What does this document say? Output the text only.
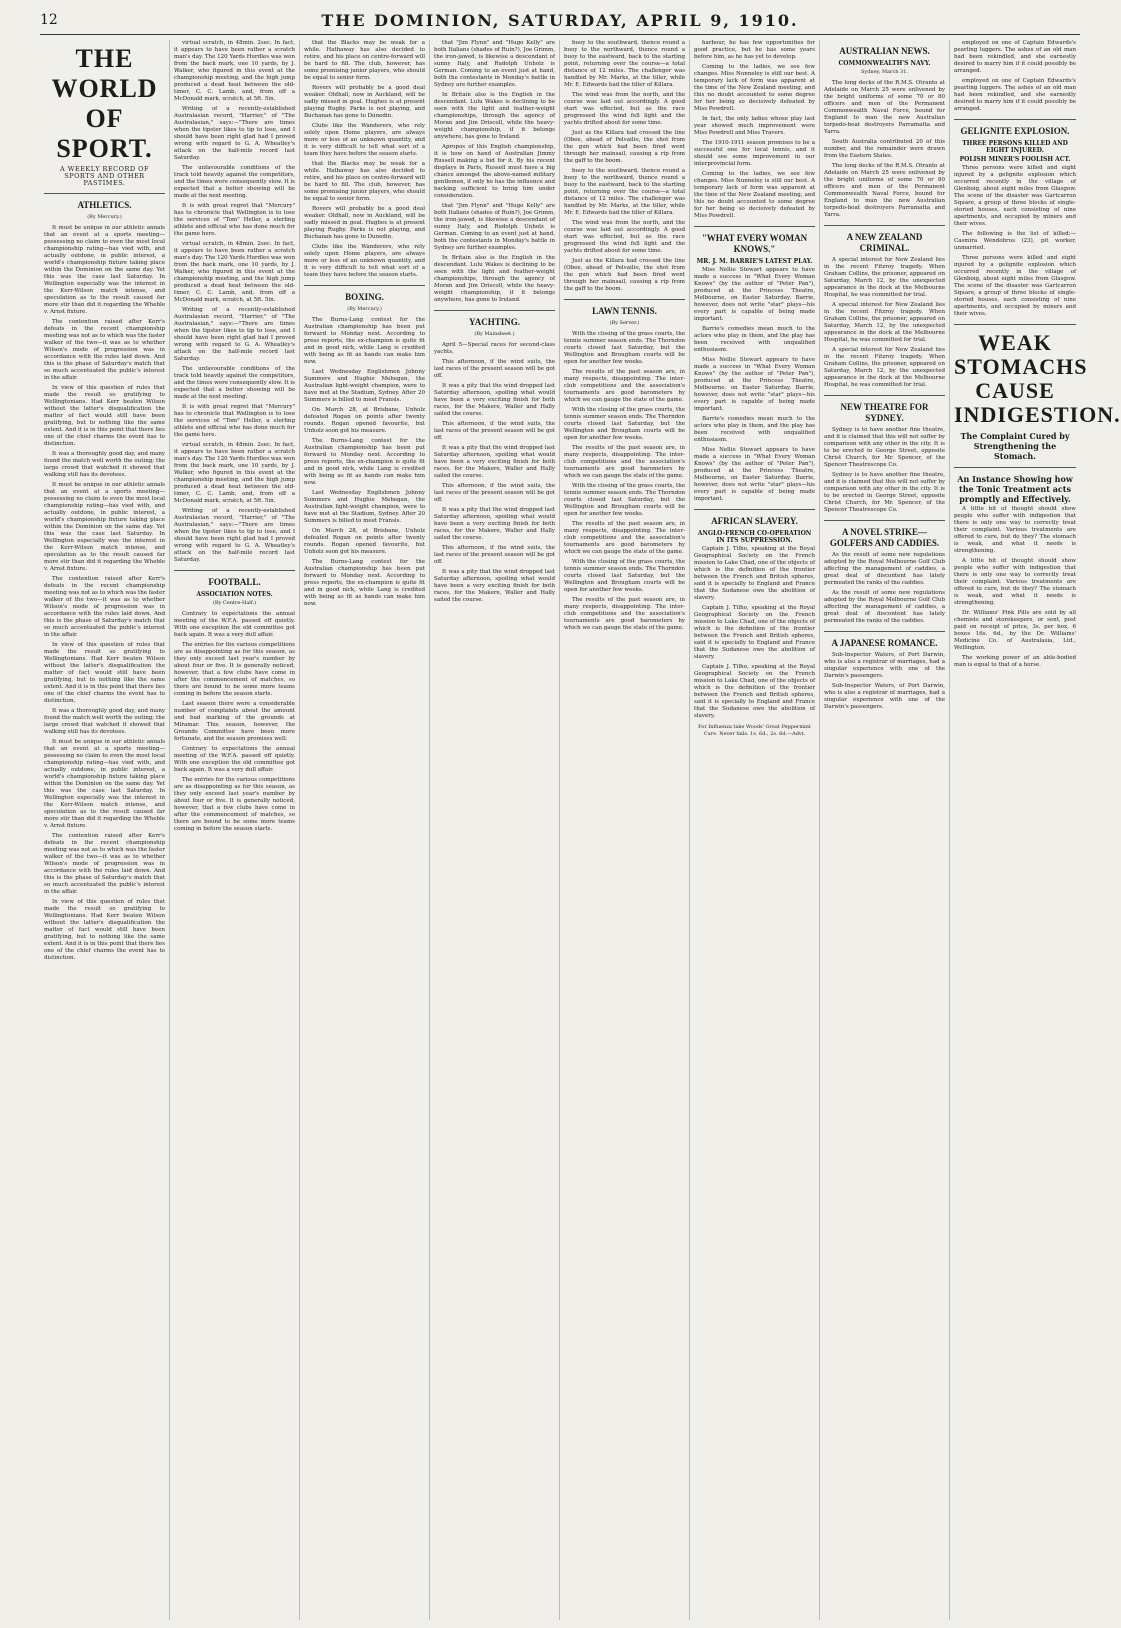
12	THE DOMINION, SATURDAY, APRIL 9, 1910.
THE WORLD OF SPORT.
A WEEKLY RECORD OF SPORTS AND OTHER PASTIMES.
ATHLETICS.

(By Mercury.)

It must be unique in our athletic annals that an event at a sports meeting—possessing no claim to even the most local championship rating—has vied with, and actually outdone, in public interest, a world's championship fixture taking place within the Dominion on the same day. Yet this was the case last Saturday. In Wellington especially was the interest in the Kerr-Wilson match intense, and speculation as to the result caused far more stir than did it regarding the Wheble v. Arnst fixture.

The contention raised after Kerr's defeats in the recent championship meeting was not as to which was the faster walker of the two—it was as to whether Wilson's mode of progression was in accordance with the rules laid down. And this is the phase of Saturday's match that so much accentuated the public's interest in the affair.

In view of this question of rules that made the result so gratifying to Wellingtonians. Had Kerr beaten Wilson without the latter's disqualification the matter of fact would still have been gratifying, but to nothing like the same extent. And it is in this point that there lies one of the chief charms the event has to distinction.

It was a thoroughly good day, and many found the match well worth the outing; the large crowd that watched it showed that walking still has its devotees.

It must be unique in our athletic annals that an event at a sports meeting—possessing no claim to even the most local championship rating—has vied with, and actually outdone, in public interest, a world's championship fixture taking place within the Dominion on the same day. Yet this was the case last Saturday. In Wellington especially was the interest in the Kerr-Wilson match intense, and speculation as to the result caused far more stir than did it regarding the Wheble v. Arnst fixture.

The contention raised after Kerr's defeats in the recent championship meeting was not as to which was the faster walker of the two—it was as to whether Wilson's mode of progression was in accordance with the rules laid down. And this is the phase of Saturday's match that so much accentuated the public's interest in the affair.

In view of this question of rules that made the result so gratifying to Wellingtonians. Had Kerr beaten Wilson without the latter's disqualification the matter of fact would still have been gratifying, but to nothing like the same extent. And it is in this point that there lies one of the chief charms the event has to distinction.

It was a thoroughly good day, and many found the match well worth the outing; the large crowd that watched it showed that walking still has its devotees.

It must be unique in our athletic annals that an event at a sports meeting—possessing no claim to even the most local championship rating—has vied with, and actually outdone, in public interest, a world's championship fixture taking place within the Dominion on the same day. Yet this was the case last Saturday. In Wellington especially was the interest in the Kerr-Wilson match intense, and speculation as to the result caused far more stir than did it regarding the Wheble v. Arnst fixture.

The contention raised after Kerr's defeats in the recent championship meeting was not as to which was the faster walker of the two—it was as to whether Wilson's mode of progression was in accordance with the rules laid down. And this is the phase of Saturday's match that so much accentuated the public's interest in the affair.

In view of this question of rules that made the result so gratifying to Wellingtonians. Had Kerr beaten Wilson without the latter's disqualification the matter of fact would still have been gratifying, but to nothing like the same extent. And it is in this point that there lies one of the chief charms the event has to distinction.

virtual scratch, in 48min. 2sec. In fact, it appears to have been rather a scratch man's day. The 120 Yards Hurdles was won from the back mark, one 10 yards, by J. Walker, who figured in this event at the championship meeting, and the high jump produced a dead heat between the old-timer, C. C. Lamb, and, from off a McDonald mark, scratch, at 5ft. 5in.

Writing of a recently-established Australasian record, "Harrier," of "The Australasian," says:—"There are times when the tipster likes to tip to lose, and I should have been right glad had I proved wrong with regard to G. A. Wheatley's attack on the half-mile record last Saturday.

The unfavourable conditions of the track told heavily against the competitors, and the times were consequently slow. It is expected that a better showing will be made at the next meeting.

It is with great regret that "Mercury" has to chronicle that Wellington is to lose the services of "Tom" Heller, a sterling athlete and official who has done much for the game here.

virtual scratch, in 48min. 2sec. In fact, it appears to have been rather a scratch man's day. The 120 Yards Hurdles was won from the back mark, one 10 yards, by J. Walker, who figured in this event at the championship meeting, and the high jump produced a dead heat between the old-timer, C. C. Lamb, and, from off a McDonald mark, scratch, at 5ft. 5in.

Writing of a recently-established Australasian record, "Harrier," of "The Australasian," says:—"There are times when the tipster likes to tip to lose, and I should have been right glad had I proved wrong with regard to G. A. Wheatley's attack on the half-mile record last Saturday.

The unfavourable conditions of the track told heavily against the competitors, and the times were consequently slow. It is expected that a better showing will be made at the next meeting.

It is with great regret that "Mercury" has to chronicle that Wellington is to lose the services of "Tom" Heller, a sterling athlete and official who has done much for the game here.

virtual scratch, in 48min. 2sec. In fact, it appears to have been rather a scratch man's day. The 120 Yards Hurdles was won from the back mark, one 10 yards, by J. Walker, who figured in this event at the championship meeting, and the high jump produced a dead heat between the old-timer, C. C. Lamb, and, from off a McDonald mark, scratch, at 5ft. 5in.

Writing of a recently-established Australasian record, "Harrier," of "The Australasian," says:—"There are times when the tipster likes to tip to lose, and I should have been right glad had I proved wrong with regard to G. A. Wheatley's attack on the half-mile record last Saturday.

FOOTBALL.
ASSOCIATION NOTES.

(By Centre-Half.)

Contrary to expectations the annual meeting of the W.F.A. passed off quietly. With one exception the old committee got back again. It was a very dull affair.

The entries for the various competitions are as disappointing as for this season, as they only exceed last year's number by about four or five. It is generally noticed, however, that a few clubs have come in after the commencement of matches, so there are bound to be some more teams coming in before the season starts.

Last season there were a considerable number of complaints about the amount and bad marking of the grounds at Miramar. This season, however, the Grounds Committee have been more fortunate, and the season promises well.

Contrary to expectations the annual meeting of the W.F.A. passed off quietly. With one exception the old committee got back again. It was a very dull affair.

The entries for the various competitions are as disappointing as for this season, as they only exceed last year's number by about four or five. It is generally noticed, however, that a few clubs have come in after the commencement of matches, so there are bound to be some more teams coming in before the season starts.

that the Blacks may be weak for a while. Hathaway has also decided to retire, and his place on centre-forward will be hard to fill. The club, however, has some promising junior players, who should be equal to senior form.

Rovers will probably be a good deal weaker. Oldhall, now in Auckland, will be sadly missed in goal. Hughes is at present playing Rugby. Parks is not playing, and Buchanan has gone to Dunedin.

Clubs like the Wanderers, who rely solely upon Home players, are always more or less of an unknown quantity, and it is very difficult to tell what sort of a team they have before the season starts.

that the Blacks may be weak for a while. Hathaway has also decided to retire, and his place on centre-forward will be hard to fill. The club, however, has some promising junior players, who should be equal to senior form.

Rovers will probably be a good deal weaker. Oldhall, now in Auckland, will be sadly missed in goal. Hughes is at present playing Rugby. Parks is not playing, and Buchanan has gone to Dunedin.

Clubs like the Wanderers, who rely solely upon Home players, are always more or less of an unknown quantity, and it is very difficult to tell what sort of a team they have before the season starts.

BOXING.

(By Mercury.)

The Burns-Lang contest for the Australian championship has been put forward to Monday next. According to press reports, the ex-champion is quite fit and in good nick, while Lang is credited with being as fit as hands can make him now.

Last Wednesday Englishmen Johnny Summers and Hughie Mehegan, the Australian light-weight champion, were to have met at the Stadium, Sydney. After 20 Summers is billed to meet Fransis.

On March 28, at Brisbane, Unholz defeated Rogan on points after twenty rounds. Rogan opened favourite, but Unholz soon got his measure.

The Burns-Lang contest for the Australian championship has been put forward to Monday next. According to press reports, the ex-champion is quite fit and in good nick, while Lang is credited with being as fit as hands can make him now.

Last Wednesday Englishmen Johnny Summers and Hughie Mehegan, the Australian light-weight champion, were to have met at the Stadium, Sydney. After 20 Summers is billed to meet Fransis.

On March 28, at Brisbane, Unholz defeated Rogan on points after twenty rounds. Rogan opened favourite, but Unholz soon got his measure.

The Burns-Lang contest for the Australian championship has been put forward to Monday next. According to press reports, the ex-champion is quite fit and in good nick, while Lang is credited with being as fit as hands can make him now.

that "Jim Flynn" and "Hugo Kelly" are both Italians (shades of Ruin?), Joe Grimm, the iron-jawed, is likewise a descendant of sunny Italy, and Rudolph Unholz is German. Coming to an event just at hand, both the contestants in Monday's battle in Sydney are further examples.

In Britain also is the English in the descendant. Lulu Wakes is declining to be seen with the light and feather-weight championships, through the agency of Moran and Jim Driscoll, while the heavy-weight championship, if it belongs anywhere, has gone to Ireland.

Apropos of this English championship, it is how on hand of Australian Jimmy Russell making a bid for it. By his recent displays in Paris, Russell must have a big chance amongst the above-named military gentlemen, if only he has the influence and backing sufficient to bring him under consideration.

that "Jim Flynn" and "Hugo Kelly" are both Italians (shades of Ruin?), Joe Grimm, the iron-jawed, is likewise a descendant of sunny Italy, and Rudolph Unholz is German. Coming to an event just at hand, both the contestants in Monday's battle in Sydney are further examples.

In Britain also is the English in the descendant. Lulu Wakes is declining to be seen with the light and feather-weight championships, through the agency of Moran and Jim Driscoll, while the heavy-weight championship, if it belongs anywhere, has gone to Ireland.

YACHTING.

(By Mainsheet.)

April 5—Special races for second-class yachts.

This afternoon, if the wind suits, the last races of the present season will be got off.

It was a pity that the wind dropped last Saturday afternoon, spoiling what would have been a very exciting finish for both races, for the Makere, Waller and Hally sailed the course.

This afternoon, if the wind suits, the last races of the present season will be got off.

It was a pity that the wind dropped last Saturday afternoon, spoiling what would have been a very exciting finish for both races, for the Makere, Waller and Hally sailed the course.

This afternoon, if the wind suits, the last races of the present season will be got off.

It was a pity that the wind dropped last Saturday afternoon, spoiling what would have been a very exciting finish for both races, for the Makere, Waller and Hally sailed the course.

This afternoon, if the wind suits, the last races of the present season will be got off.

It was a pity that the wind dropped last Saturday afternoon, spoiling what would have been a very exciting finish for both races, for the Makere, Waller and Hally sailed the course.

buoy to the southward, thence round a buoy to the northward, thence round a buoy to the eastward, back to the starting point, returning over the course—a total distance of 12 miles. The challenger was handled by Mr. Marks, at the tiller, while Mr. E. Edwards had the tiller of Killara.

The wind was from the north, and the course was laid out accordingly. A good start was effected, but as the race progressed the wind fell light and the yachts drifted about for some time.

Just as the Killara had crossed the line (Obee, ahead of Pelvailio, the shot from the gun which had been fired went through her mainsail, causing a rip from the gaff to the boom.

buoy to the southward, thence round a buoy to the northward, thence round a buoy to the eastward, back to the starting point, returning over the course—a total distance of 12 miles. The challenger was handled by Mr. Marks, at the tiller, while Mr. E. Edwards had the tiller of Killara.

The wind was from the north, and the course was laid out accordingly. A good start was effected, but as the race progressed the wind fell light and the yachts drifted about for some time.

Just as the Killara had crossed the line (Obee, ahead of Pelvailio, the shot from the gun which had been fired went through her mainsail, causing a rip from the gaff to the boom.

LAWN TENNIS.

(By Server.)

With the closing of the grass courts, the tennis summer season ends. The Thorndon courts closed last Saturday, but the Wellington and Brougham courts will be open for another few weeks.

The results of the past season are, in many respects, disappointing. The inter-club competitions and the association's tournaments are good barometers by which we can gauge the state of the game.

With the closing of the grass courts, the tennis summer season ends. The Thorndon courts closed last Saturday, but the Wellington and Brougham courts will be open for another few weeks.

The results of the past season are, in many respects, disappointing. The inter-club competitions and the association's tournaments are good barometers by which we can gauge the state of the game.

With the closing of the grass courts, the tennis summer season ends. The Thorndon courts closed last Saturday, but the Wellington and Brougham courts will be open for another few weeks.

The results of the past season are, in many respects, disappointing. The inter-club competitions and the association's tournaments are good barometers by which we can gauge the state of the game.

With the closing of the grass courts, the tennis summer season ends. The Thorndon courts closed last Saturday, but the Wellington and Brougham courts will be open for another few weeks.

The results of the past season are, in many respects, disappointing. The inter-club competitions and the association's tournaments are good barometers by which we can gauge the state of the game.

harbour, he has few opportunities for good practice, but he has some years before him, as he has yet to develop.

Coming to the ladies, we see few changes. Miss Nunneley is still our best. A temporary lack of form was apparent at the time of the New Zealand meeting, and this no doubt accounted to some degree for her being so decisively defeated by Miss Powdrell.

In fact, the only ladies whose play last year showed much improvement were Miss Powdrell and Miss Travers.

The 1910-1911 season promises to be a successful one for local tennis, and it should see some improvement in our interprovincial form.

Coming to the ladies, we see few changes. Miss Nunneley is still our best. A temporary lack of form was apparent at the time of the New Zealand meeting, and this no doubt accounted to some degree for her being so decisively defeated by Miss Powdrell.

"WHAT EVERY WOMAN KNOWS."
MR. J. M. BARRIE'S LATEST PLAY.

Miss Nellie Stewart appears to have made a success in "What Every Woman Knows" (by the author of "Peter Pan"), produced at the Princess Theatre, Melbourne, on Easter Saturday. Barrie, however, does not write "star" plays—his every part is capable of being made important.

Barrie's comedies mean much to the actors who play in them, and the play has been received with unqualified enthusiasm.

Miss Nellie Stewart appears to have made a success in "What Every Woman Knows" (by the author of "Peter Pan"), produced at the Princess Theatre, Melbourne, on Easter Saturday. Barrie, however, does not write "star" plays—his every part is capable of being made important.

Barrie's comedies mean much to the actors who play in them, and the play has been received with unqualified enthusiasm.

Miss Nellie Stewart appears to have made a success in "What Every Woman Knows" (by the author of "Peter Pan"), produced at the Princess Theatre, Melbourne, on Easter Saturday. Barrie, however, does not write "star" plays—his every part is capable of being made important.

AFRICAN SLAVERY.
ANGLO-FRENCH CO-OPERATION IN ITS SUPPRESSION.

Captain J. Tilho, speaking at the Royal Geographical Society on the French mission to Lake Chad, one of the objects of which is the definition of the frontier between the French and British spheres, said it is specially to England and France that the Sudanese owe the abolition of slavery.

Captain J. Tilho, speaking at the Royal Geographical Society on the French mission to Lake Chad, one of the objects of which is the definition of the frontier between the French and British spheres, said it is specially to England and France that the Sudanese owe the abolition of slavery.

Captain J. Tilho, speaking at the Royal Geographical Society on the French mission to Lake Chad, one of the objects of which is the definition of the frontier between the French and British spheres, said it is specially to England and France that the Sudanese owe the abolition of slavery.

For Influenza take Woods' Great Peppermint Cure. Never fails. 1s. 6d., 2s. 6d.—Advt.
AUSTRALIAN NEWS.
COMMONWEALTH'S NAVY.

Sydney, March 31.

The long decks of the R.M.S. Otranto at Adelaide on March 25 were enlivened by the bright uniforms of some 70 or 80 officers and men of the Permanent Commonwealth Naval Force, bound for England to man the new Australian torpedo-boat destroyers Parramatta and Yarra.

South Australia contributed 20 of this number, and the remainder were drawn from the Eastern States.

The long decks of the R.M.S. Otranto at Adelaide on March 25 were enlivened by the bright uniforms of some 70 or 80 officers and men of the Permanent Commonwealth Naval Force, bound for England to man the new Australian torpedo-boat destroyers Parramatta and Yarra.

A NEW ZEALAND CRIMINAL.

A special interest for New Zealand lies in the recent Fitzroy tragedy. When Graham Collins, the prisoner, appeared on Saturday, March 12, by the unexpected appearance in the dock at the Melbourne Hospital, he was committed for trial.

A special interest for New Zealand lies in the recent Fitzroy tragedy. When Graham Collins, the prisoner, appeared on Saturday, March 12, by the unexpected appearance in the dock at the Melbourne Hospital, he was committed for trial.

A special interest for New Zealand lies in the recent Fitzroy tragedy. When Graham Collins, the prisoner, appeared on Saturday, March 12, by the unexpected appearance in the dock at the Melbourne Hospital, he was committed for trial.

NEW THEATRE FOR SYDNEY.

Sydney is to have another fine theatre, and it is claimed that this will not suffer by comparison with any other in the city. It is to be erected in George Street, opposite Christ Church, for Mr. Spencer, of the Spencer Theatrescope Co.

Sydney is to have another fine theatre, and it is claimed that this will not suffer by comparison with any other in the city. It is to be erected in George Street, opposite Christ Church, for Mr. Spencer, of the Spencer Theatrescope Co.

A NOVEL STRIKE—GOLFERS AND CADDIES.

As the result of some new regulations adopted by the Royal Melbourne Golf Club affecting the management of caddies, a great deal of discontent has lately permeated the ranks of the caddies.

As the result of some new regulations adopted by the Royal Melbourne Golf Club affecting the management of caddies, a great deal of discontent has lately permeated the ranks of the caddies.

A JAPANESE ROMANCE.

Sub-Inspector Waters, of Port Darwin, who is also a registrar of marriages, had a singular experience with one of the Darwin's passengers.

Sub-Inspector Waters, of Port Darwin, who is also a registrar of marriages, had a singular experience with one of the Darwin's passengers.

employed on one of Captain Edwards's pearling luggers. The ashes of an old man had been rekindled, and she earnestly desired to marry him if it could possibly be arranged.

employed on one of Captain Edwards's pearling luggers. The ashes of an old man had been rekindled, and she earnestly desired to marry him if it could possibly be arranged.

GELIGNITE EXPLOSION.
THREE PERSONS KILLED AND EIGHT INJURED.
POLISH MINER'S FOOLISH ACT.

Three persons were killed and eight injured by a gelignite explosion which occurred recently in the village of Glenboig, about eight miles from Glasgow. The scene of the disaster was Gartcarron Square, a group of three blocks of single-storied houses, each consisting of nine apartments, and occupied by miners and their wives.

The following is the list of killed:—Casmira Wendobrus (23), pit worker, unmarried.

Three persons were killed and eight injured by a gelignite explosion which occurred recently in the village of Glenboig, about eight miles from Glasgow. The scene of the disaster was Gartcarron Square, a group of three blocks of single-storied houses, each consisting of nine apartments, and occupied by miners and their wives.

WEAK STOMACHS CAUSE INDIGESTION.
The Complaint Cured by Strengthening the Stomach.
An Instance Showing how the Tonic Treatment acts promptly and Effectively.

A little bit of thought should show people who suffer with indigestion that there is only one way to correctly treat their complaint. Various treatments are offered to cure, but do they? The stomach is weak, and what it needs is strengthening.

A little bit of thought should show people who suffer with indigestion that there is only one way to correctly treat their complaint. Various treatments are offered to cure, but do they? The stomach is weak, and what it needs is strengthening.

Dr. Williams' Pink Pills are sold by all chemists and storekeepers, or sent, post paid on receipt of price, 3s. per box, 6 boxes 16s. 6d., by the Dr. Williams' Medicine Co. of Australasia, Ltd., Wellington.

The working power of an able-bodied man is equal to that of a horse.
